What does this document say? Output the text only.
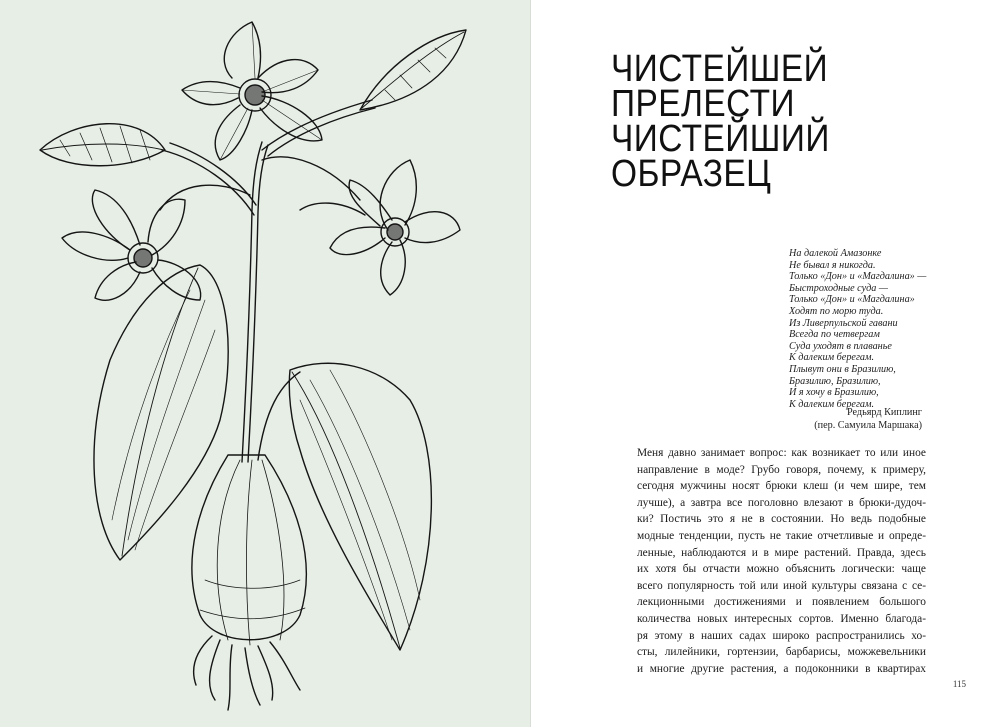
ЧИСТЕЙШЕЙ
ПРЕЛЕСТИ
ЧИСТЕЙШИЙ
ОБРАЗЕЦ
На далекой Амазонке
Не бывал я никогда.
Только «Дон» и «Магдалина» —
Быстроходные суда —
Только «Дон» и «Магдалина»
Ходят по морю туда.
Из Ливерпульской гавани
Всегда по четвергам
Суда уходят в плаванье
К далеким берегам.
Плывут они в Бразилию,
Бразилию, Бразилию,
И я хочу в Бразилию,
К далеким берегам.
Редьярд Киплинг
(пер. Самуила Маршака)
Меня давно занимает вопрос: как возникает то или иное
направление в моде? Грубо говоря, почему, к примеру,
сегодня мужчины носят брюки клеш (и чем шире, тем
лучше), а завтра все поголовно влезают в брюки-дудоч-
ки? Постичь это я не в состоянии. Но ведь подобные
модные тенденции, пусть не такие отчетливые и опреде-
ленные, наблюдаются и в мире растений. Правда, здесь
их хотя бы отчасти можно объяснить логически: чаще
всего популярность той или иной культуры связана с се-
лекционными достижениями и появлением большого
количества новых интересных сортов. Именно благода-
ря этому в наших садах широко распространились хо-
сты, лилейники, гортензии, барбарисы, можжевельники
и многие другие растения, а подоконники в квартирах
115
